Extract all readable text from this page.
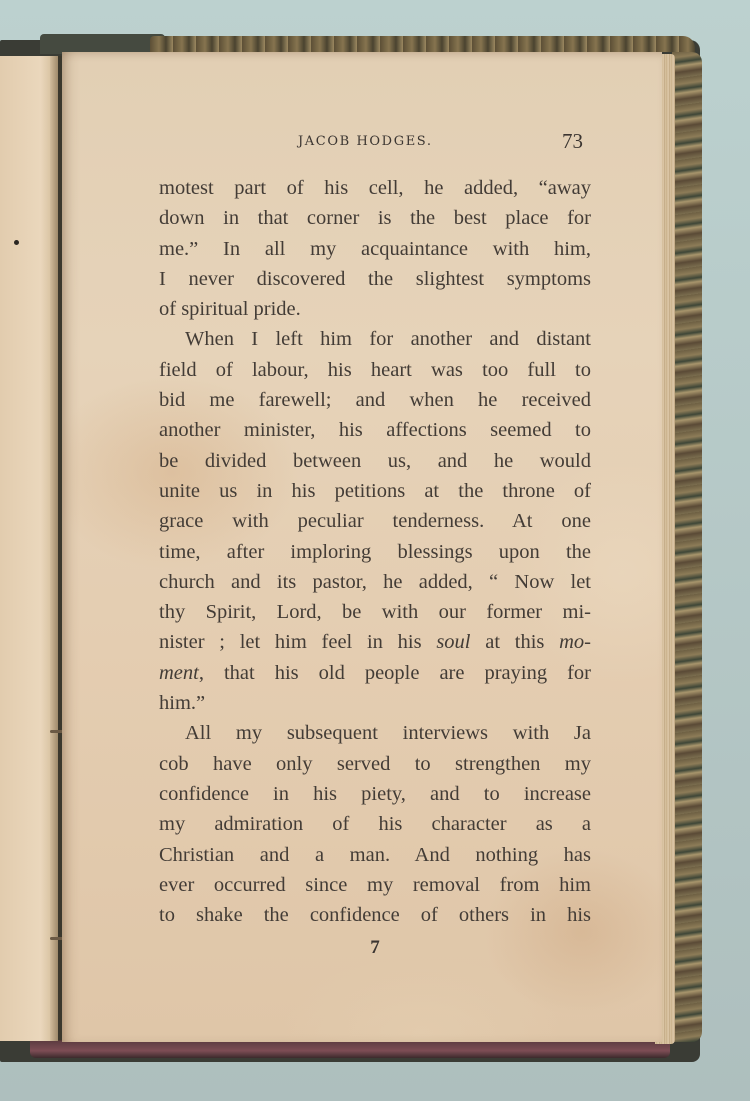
JACOB HODGES.	73
motest part of his cell, he added, “away
down in that corner is the best place for
me.” In all my acquaintance with him,
I never discovered the slightest symptoms
of spiritual pride.
When I left him for another and distant
field of labour, his heart was too full to
bid me farewell; and when he received
another minister, his affections seemed to
be divided between us, and he would
unite us in his petitions at the throne of
grace with peculiar tenderness. At one
time, after imploring blessings upon the
church and its pastor, he added, “ Now let
thy Spirit, Lord, be with our former mi-
nister ; let him feel in his soul at this mo-
ment, that his old people are praying for
him.”
All my subsequent interviews with Ja
cob have only served to strengthen my
confidence in his piety, and to increase
my admiration of his character as a
Christian and a man. And nothing has
ever occurred since my removal from him
to shake the confidence of others in his
7
